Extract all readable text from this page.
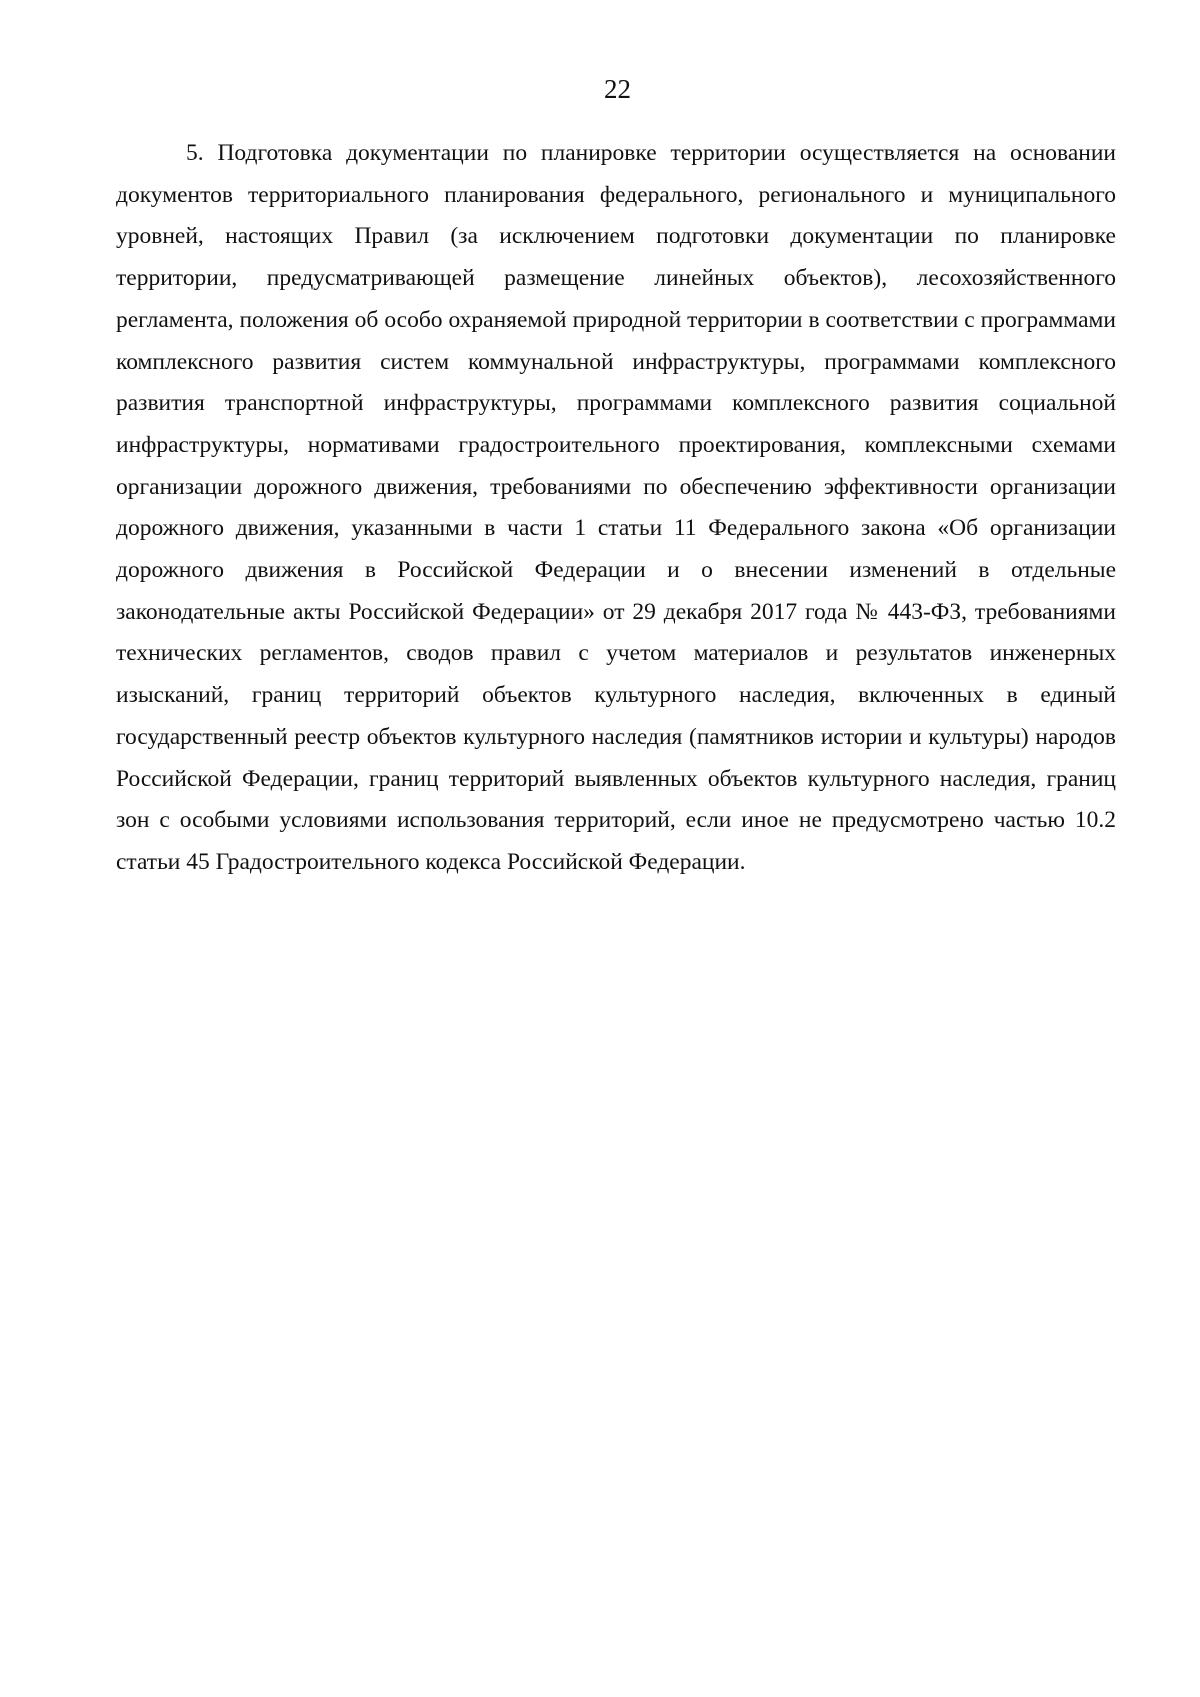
22

5. Подготовка документации по планировке территории осуществляется на основании документов территориального планирования федерального, регионального и муниципального уровней, настоящих Правил (за исключением подготовки документации по планировке территории, предусматривающей размещение линейных объектов), лесохозяйственного регламента, положения об особо охраняемой природной территории в соответствии с программами комплексного развития систем коммунальной инфраструктуры, программами комплексного развития транспортной инфраструктуры, программами комплексного развития социальной инфраструктуры, нормативами градостроительного проектирования, комплексными схемами организации дорожного движения, требованиями по обеспечению эффективности организации дорожного движения, указанными в части 1 статьи 11 Федерального закона «Об организации дорожного движения в Российской Федерации и о внесении изменений в отдельные законодательные акты Российской Федерации» от 29 декабря 2017 года № 443-ФЗ, требованиями технических регламентов, сводов правил с учетом материалов и результатов инженерных изысканий, границ территорий объектов культурного наследия, включенных в единый государственный реестр объектов культурного наследия (памятников истории и культуры) народов Российской Федерации, границ территорий выявленных объектов культурного наследия, границ зон с особыми условиями использования территорий, если иное не предусмотрено частью 10.2 статьи 45 Градостроительного кодекса Российской Федерации.
